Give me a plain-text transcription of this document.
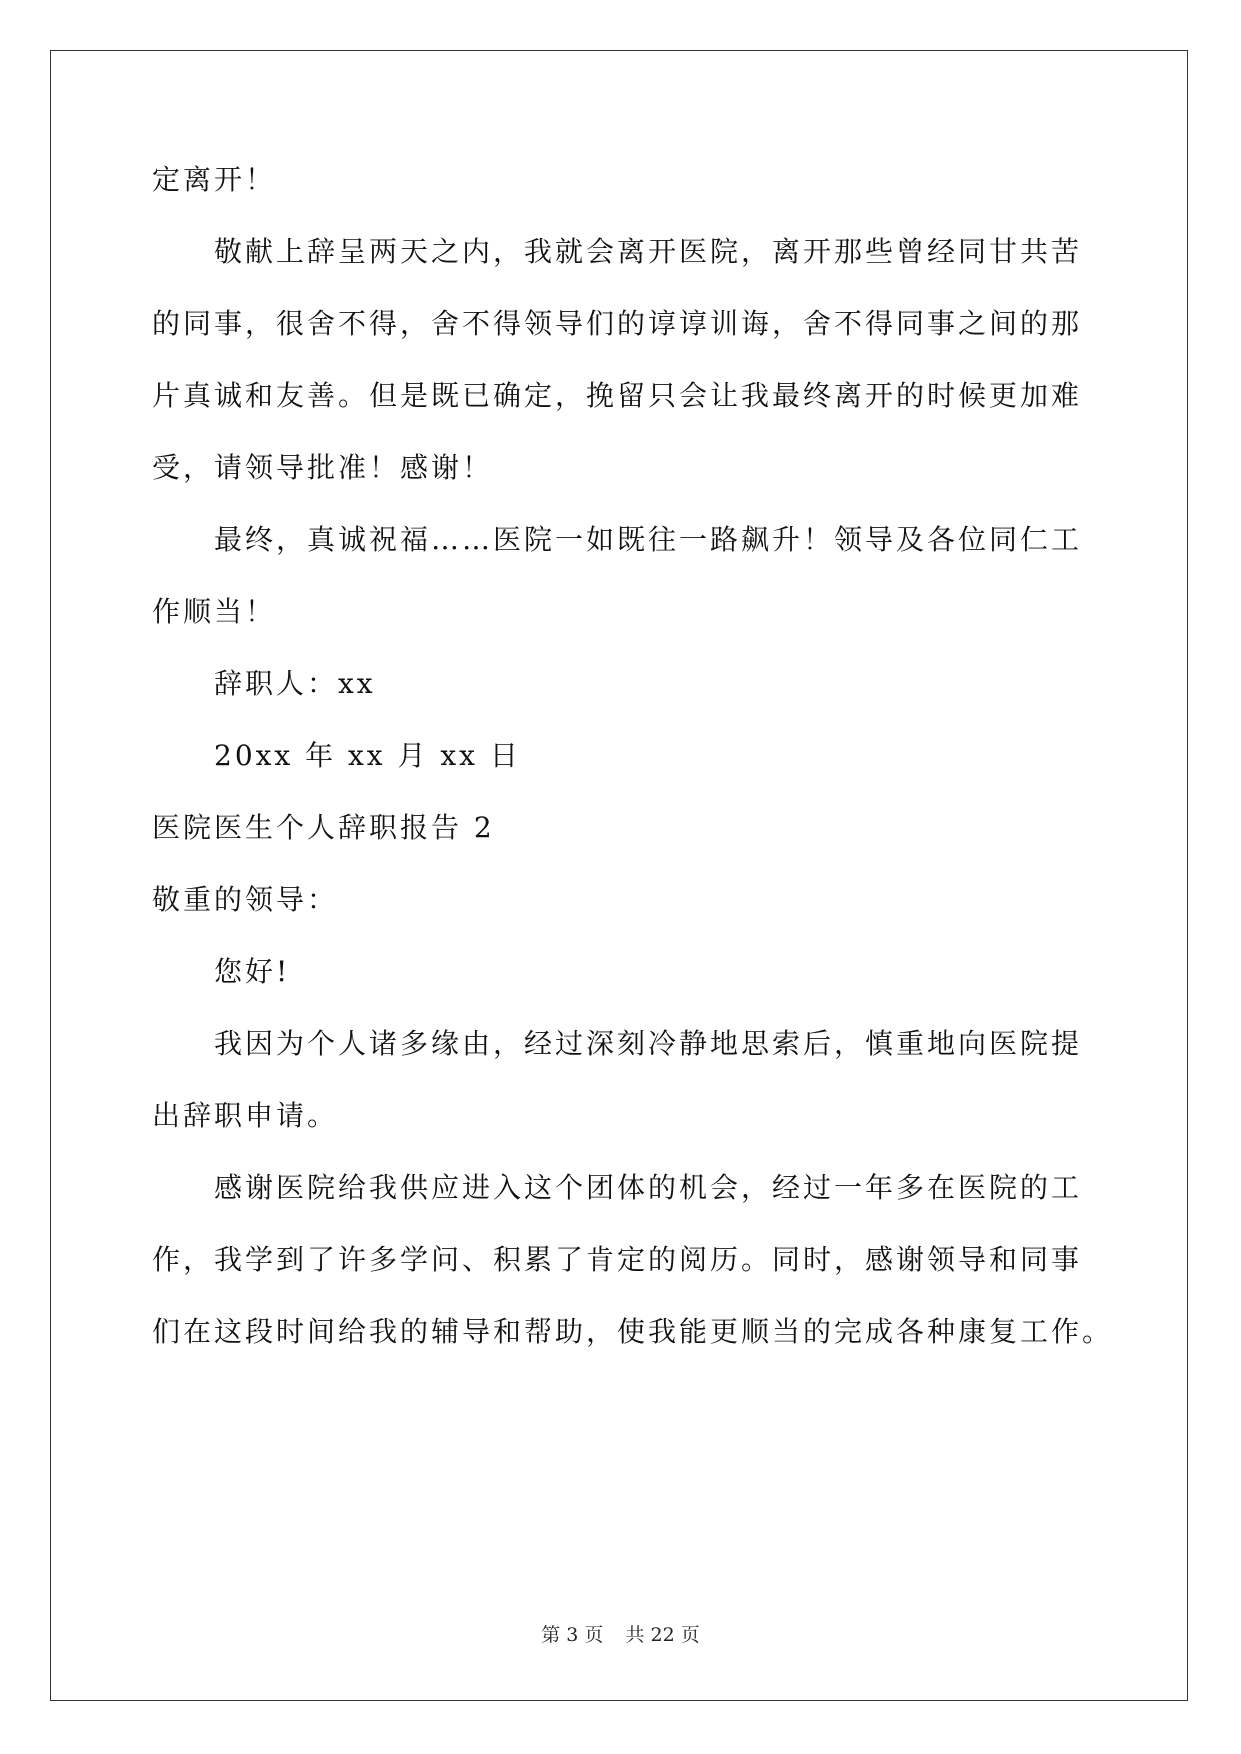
定离开！
敬献上辞呈两天之内，我就会离开医院，离开那些曾经同甘共苦
的同事，很舍不得，舍不得领导们的谆谆训诲，舍不得同事之间的那
片真诚和友善。但是既已确定，挽留只会让我最终离开的时候更加难
受，请领导批准！感谢！
最终，真诚祝福……医院一如既往一路飙升！领导及各位同仁工
作顺当！
辞职人：xx
20xx 年 xx 月 xx 日
医院医生个人辞职报告 2
敬重的领导：
您好!
我因为个人诸多缘由，经过深刻冷静地思索后，慎重地向医院提
出辞职申请。
感谢医院给我供应进入这个团体的机会，经过一年多在医院的工
作，我学到了许多学问、积累了肯定的阅历。同时，感谢领导和同事
们在这段时间给我的辅导和帮助，使我能更顺当的完成各种康复工作。
第 3 页 共 22 页
